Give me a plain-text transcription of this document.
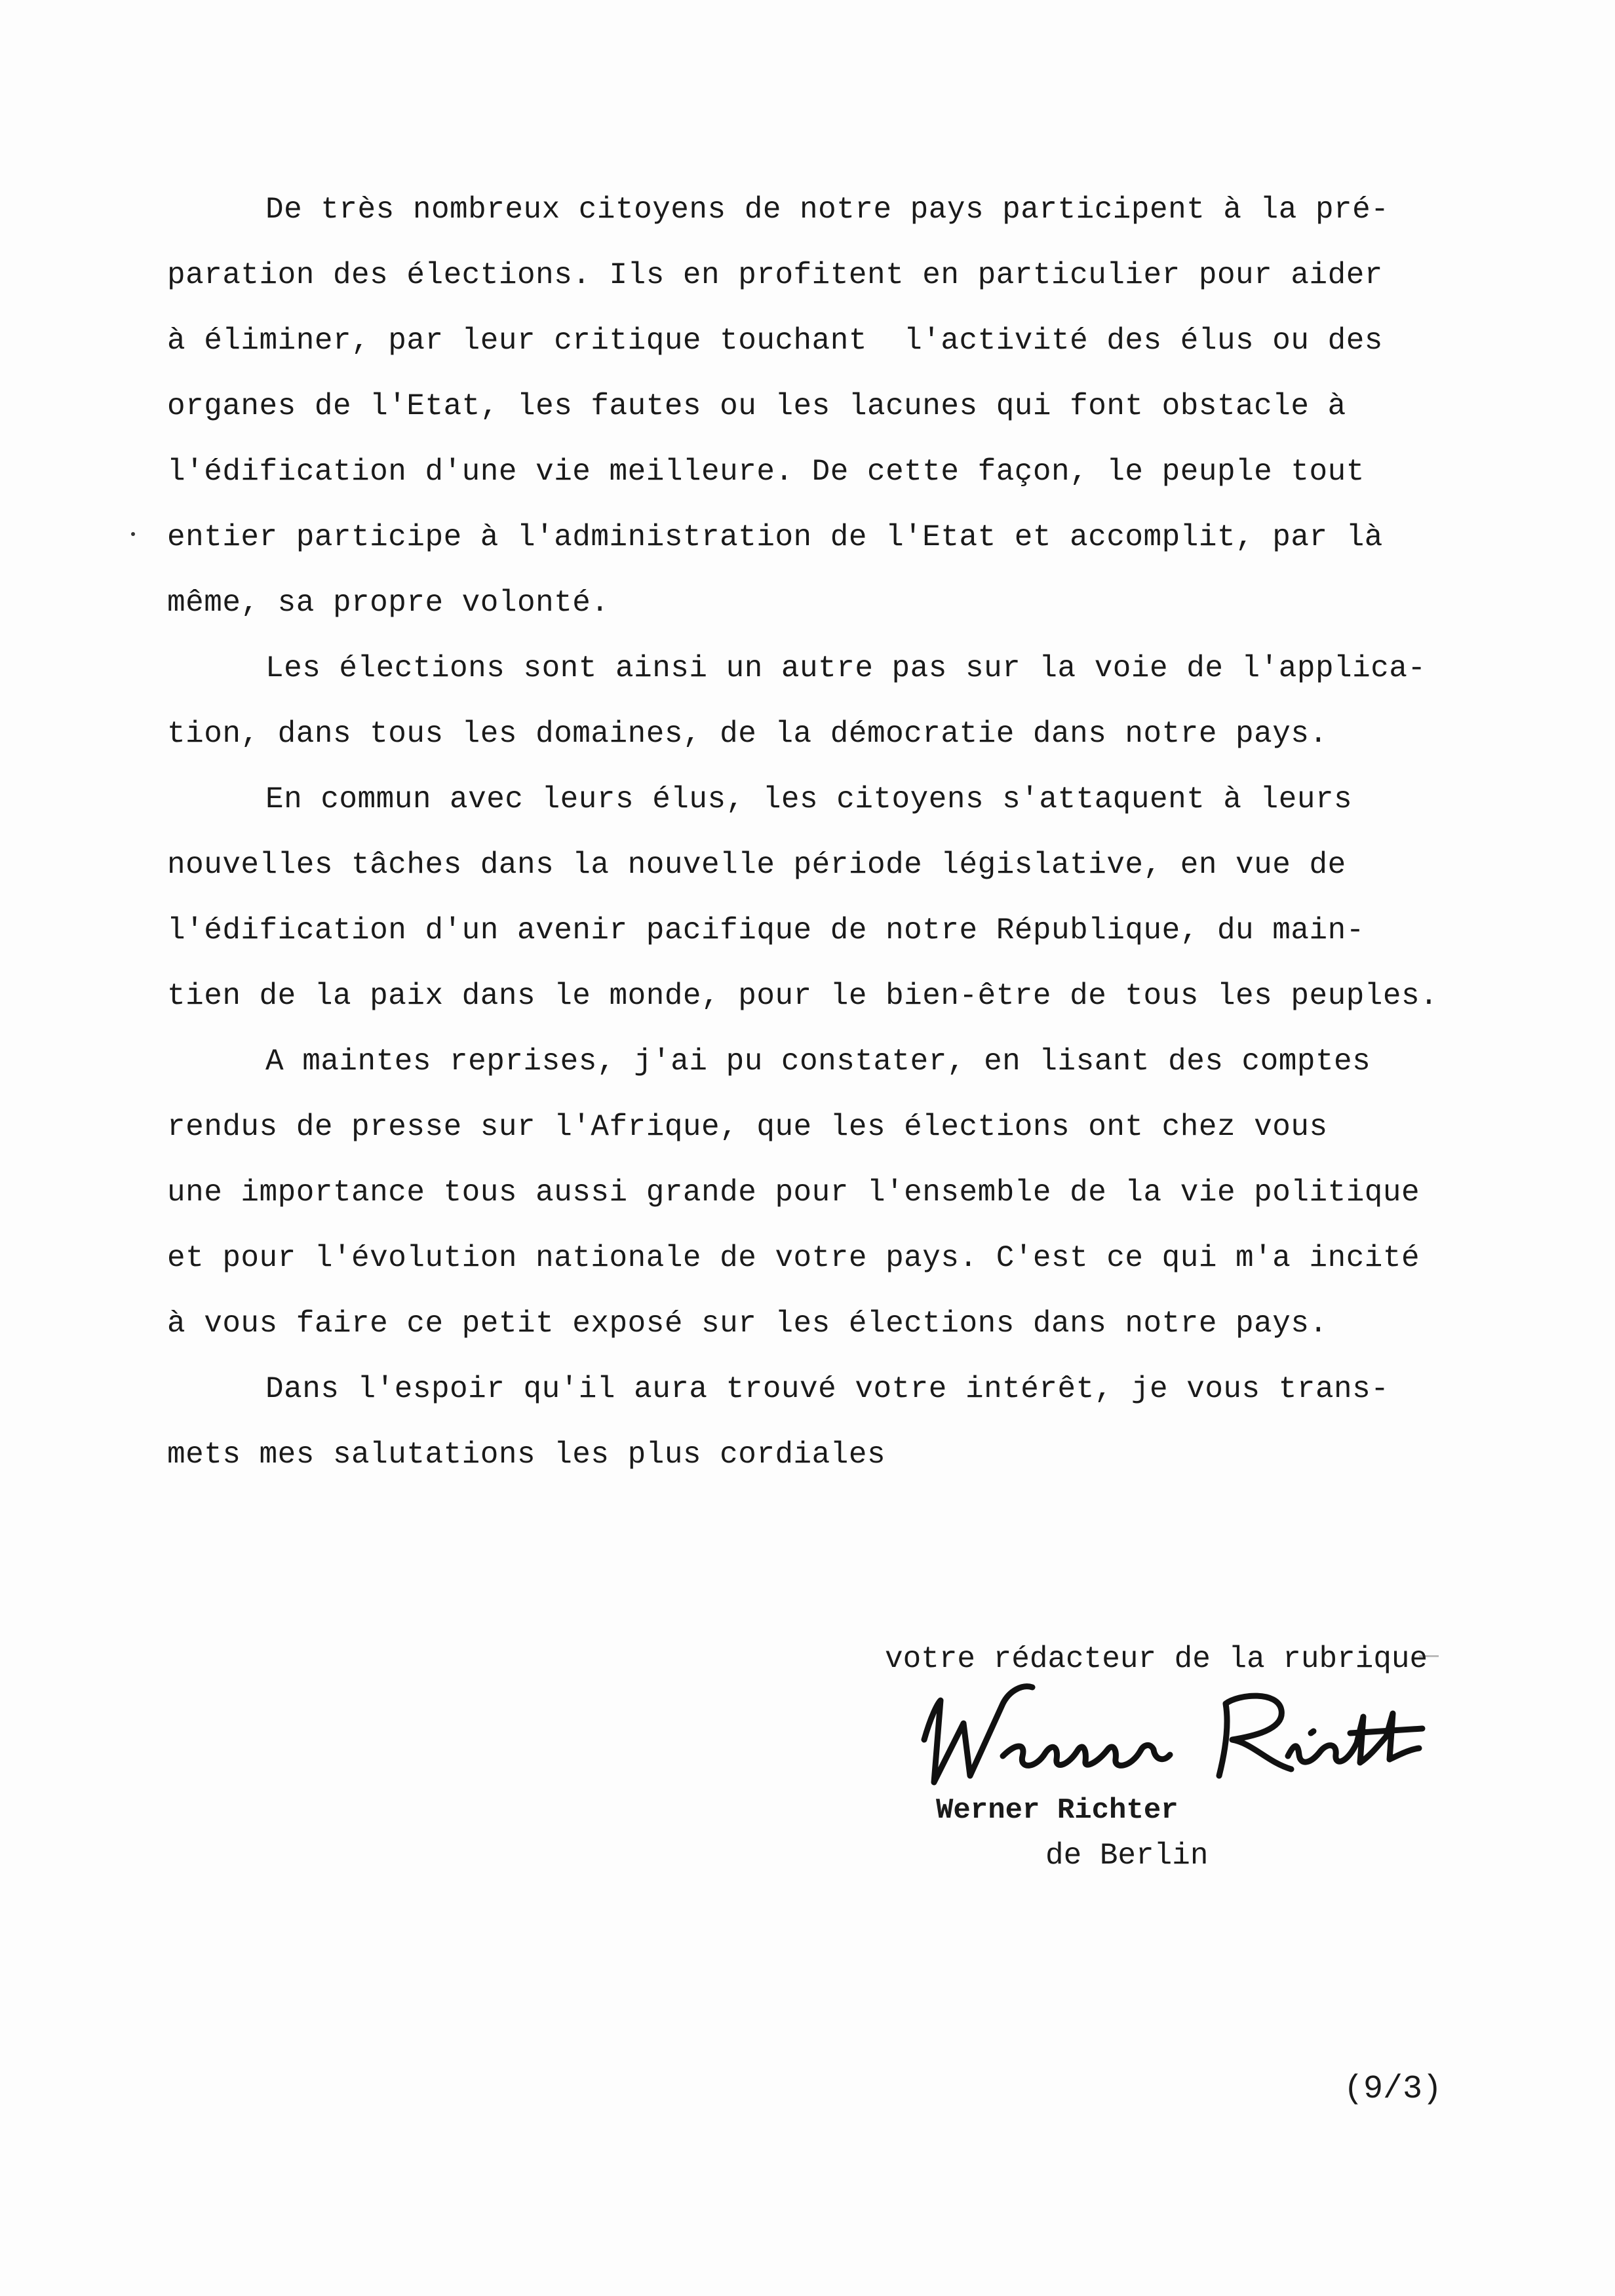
De très nombreux citoyens de notre pays participent à la pré-
paration des élections. Ils en profitent en particulier pour aider
à éliminer, par leur critique touchant  l'activité des élus ou des
organes de l'Etat, les fautes ou les lacunes qui font obstacle à
l'édification d'une vie meilleure. De cette façon, le peuple tout
entier participe à l'administration de l'Etat et accomplit, par là
même, sa propre volonté.

Les élections sont ainsi un autre pas sur la voie de l'applica-
tion, dans tous les domaines, de la démocratie dans notre pays.

En commun avec leurs élus, les citoyens s'attaquent à leurs
nouvelles tâches dans la nouvelle période législative, en vue de
l'édification d'un avenir pacifique de notre République, du main-
tien de la paix dans le monde, pour le bien-être de tous les peuples.

A maintes reprises, j'ai pu constater, en lisant des comptes
rendus de presse sur l'Afrique, que les élections ont chez vous
une importance tous aussi grande pour l'ensemble de la vie politique
et pour l'évolution nationale de votre pays. C'est ce qui m'a incité
à vous faire ce petit exposé sur les élections dans notre pays.

Dans l'espoir qu'il aura trouvé votre intérêt, je vous trans-
mets mes salutations les plus cordiales

votre rédacteur de la rubrique

de Berlin

Werner Richter
(9/3)
